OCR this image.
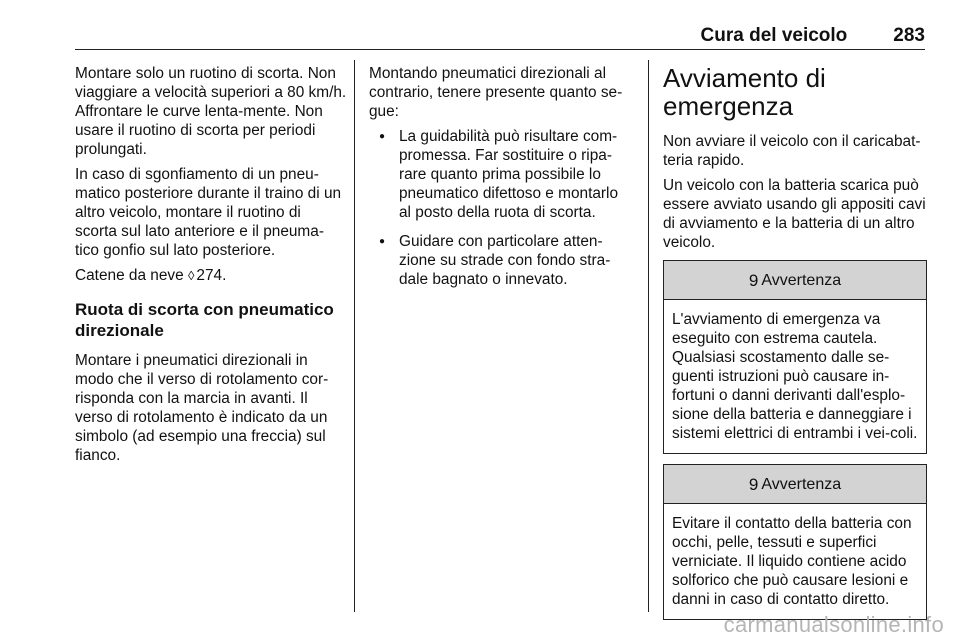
Cura del veicolo 283

Montare solo un ruotino di scorta. Non viaggiare a velocità superiori a 80 km/h. Affrontare le curve lenta-mente. Non usare il ruotino di scorta per periodi prolungati.

In caso di sgonfiamento di un pneu-matico posteriore durante il traino di un altro veicolo, montare il ruotino di scorta sul lato anteriore e il pneuma-tico gonfio sul lato posteriore.

Catene da neve ◊ 274.

Ruota di scorta con pneumatico direzionale

Montare i pneumatici direzionali in modo che il verso di rotolamento cor-risponda con la marcia in avanti. Il verso di rotolamento è indicato da un simbolo (ad esempio una freccia) sul fianco.

Montando pneumatici direzionali al contrario, tenere presente quanto se-gue:

● La guidabilità può risultare com-promessa. Far sostituire o ripa-rare quanto prima possibile lo pneumatico difettoso e montarlo al posto della ruota di scorta.
● Guidare con particolare atten-zione su strade con fondo stra-dale bagnato o innevato.
Avviamento di emergenza

Non avviare il veicolo con il caricabat-teria rapido.

Un veicolo con la batteria scarica può essere avviato usando gli appositi cavi di avviamento e la batteria di un altro veicolo.

9 Avvertenza
L'avviamento di emergenza va eseguito con estrema cautela. Qualsiasi scostamento dalle se-guenti istruzioni può causare in-fortuni o danni derivanti dall'esplo-sione della batteria e danneggiare i sistemi elettrici di entrambi i vei-coli.
9 Avvertenza
Evitare il contatto della batteria con occhi, pelle, tessuti e superfici verniciate. Il liquido contiene acido solforico che può causare lesioni e danni in caso di contatto diretto.
carmanualsonline.info
